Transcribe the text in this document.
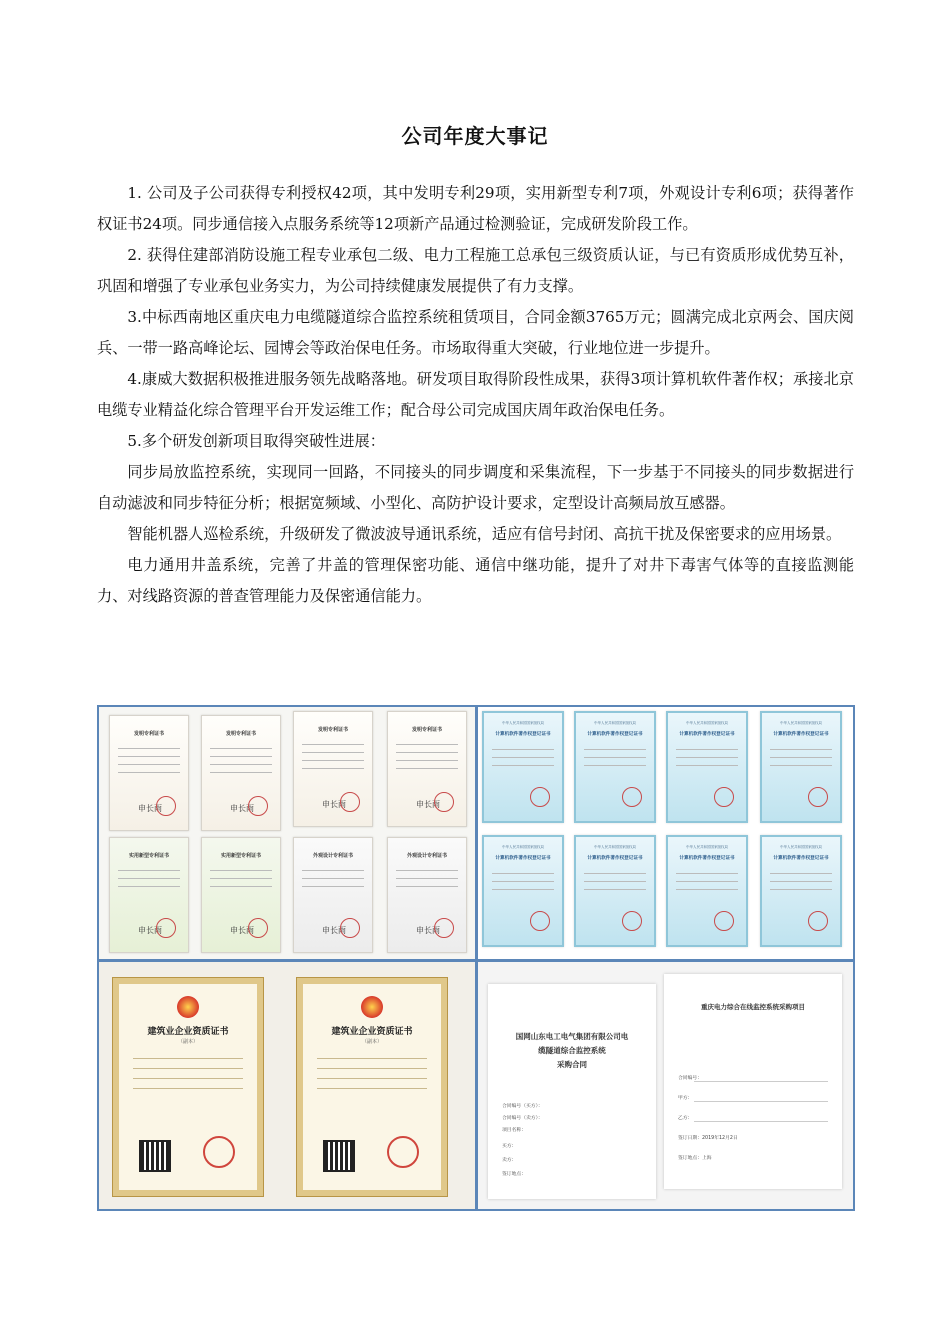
公司年度大事记

1. 公司及子公司获得专利授权42项，其中发明专利29项，实用新型专利7项，外观设计专利6项；获得著作权证书24项。同步通信接入点服务系统等12项新产品通过检测验证，完成研发阶段工作。

2. 获得住建部消防设施工程专业承包二级、电力工程施工总承包三级资质认证，与已有资质形成优势互补，巩固和增强了专业承包业务实力，为公司持续健康发展提供了有力支撑。

3.中标西南地区重庆电力电缆隧道综合监控系统租赁项目，合同金额3765万元；圆满完成北京两会、国庆阅兵、一带一路高峰论坛、园博会等政治保电任务。市场取得重大突破，行业地位进一步提升。

4.康威大数据积极推进服务领先战略落地。研发项目取得阶段性成果，获得3项计算机软件著作权；承接北京电缆专业精益化综合管理平台开发运维工作；配合母公司完成国庆周年政治保电任务。

5.多个研发创新项目取得突破性进展：

同步局放监控系统，实现同一回路，不同接头的同步调度和采集流程，下一步基于不同接头的同步数据进行自动滤波和同步特征分析；根据宽频域、小型化、高防护设计要求，定型设计高频局放互感器。

智能机器人巡检系统，升级研发了微波波导通讯系统，适应有信号封闭、高抗干扰及保密要求的应用场景。

电力通用井盖系统，完善了井盖的管理保密功能、通信中继功能，提升了对井下毒害气体等的直接监测能力、对线路资源的普查管理能力及保密通信能力。

发明专利证书
申长雨
发明专利证书
申长雨
发明专利证书
申长雨
发明专利证书
申长雨
实用新型专利证书
申长雨
实用新型专利证书
申长雨
外观设计专利证书
申长雨
外观设计专利证书
申长雨
中华人民共和国国家版权局
计算机软件著作权登记证书
中华人民共和国国家版权局
计算机软件著作权登记证书
中华人民共和国国家版权局
计算机软件著作权登记证书
中华人民共和国国家版权局
计算机软件著作权登记证书
中华人民共和国国家版权局
计算机软件著作权登记证书
中华人民共和国国家版权局
计算机软件著作权登记证书
中华人民共和国国家版权局
计算机软件著作权登记证书
中华人民共和国国家版权局
计算机软件著作权登记证书
建筑业企业资质证书
（副本）
建筑业企业资质证书
（副本）
国网山东电工电气集团有限公司电
缆隧道综合监控系统
采购合同
合同编号（买方）：
合同编号（卖方）：
项目名称：
买方：
卖方：
签订地点：
重庆电力综合在线监控系统采购项目
合同编号：
甲方：
乙方：
签订日期：2019年12月2日
签订地点：上海
